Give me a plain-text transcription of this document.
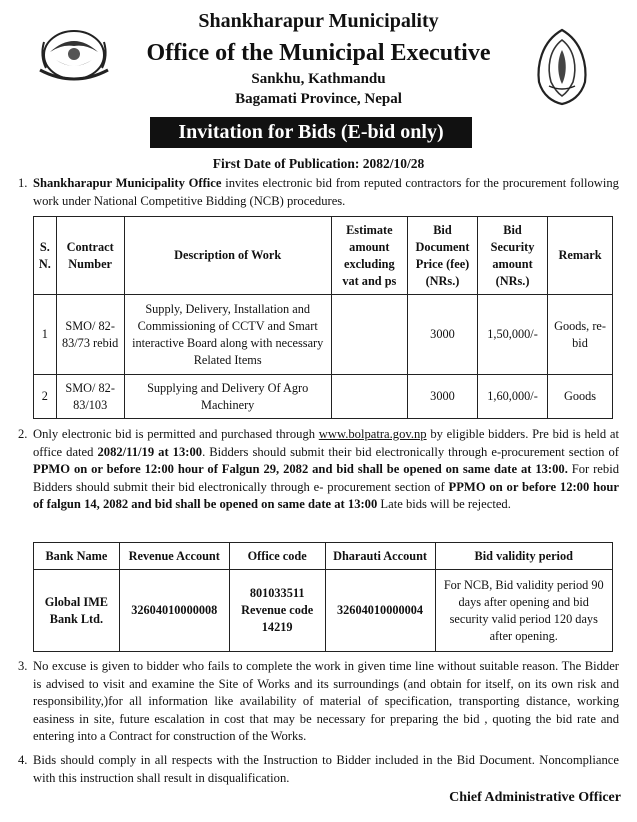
Shankharapur Municipality
Office of the Municipal Executive
Sankhu, Kathmandu
Bagamati Province, Nepal
Invitation for Bids (E-bid only)
First Date of Publication: 2082/10/28
1. Shankharapur Municipality Office invites electronic bid from reputed contractors for the procurement following work under National Competitive Bidding (NCB) procedures.
S. N.	Contract Number	Description of Work	Estimate amount excluding vat and ps	Bid Document Price (fee) (NRs.)	Bid Security amount (NRs.)	Remark
1	SMO/ 82-83/73 rebid	Supply, Delivery, Installation and Commissioning of CCTV and Smart interactive Board along with necessary Related Items		3000	1,50,000/-	Goods, re-bid
2	SMO/ 82-83/103	Supplying and Delivery Of Agro Machinery		3000	1,60,000/-	Goods
2. Only electronic bid is permitted and purchased through www.bolpatra.gov.np by eligible bidders. Pre bid is held at office dated 2082/11/19 at 13:00. Bidders should submit their bid electronically through e-procurement section of PPMO on or before 12:00 hour of Falgun 29, 2082 and bid shall be opened on same date at 13:00. For rebid Bidders should submit their bid electronically through e- procurement section of PPMO on or before 12:00 hour of falgun 14, 2082 and bid shall be opened on same date at 13:00 Late bids will be rejected.
Bank Name	Revenue Account	Office code	Dharauti Account	Bid validity period
Global IME Bank Ltd.	32604010000008	801033511 Revenue code 14219	32604010000004	For NCB, Bid validity period 90 days after opening and bid security valid period 120 days after opening.
3. No excuse is given to bidder who fails to complete the work in given time line without suitable reason. The Bidder is advised to visit and examine the Site of Works and its surroundings (and obtain for itself, on its own risk and responsibility,)for all information like availability of material of specification, transporting distance, working easiness in site, future escalation in cost that may be necessary for preparing the bid , quoting the bid rate and entering into a Contract for construction of the Works.
4. Bids should comply in all respects with the Instruction to Bidder included in the Bid Document. Noncompliance with this instruction shall result in disqualification.
Chief Administrative Officer
